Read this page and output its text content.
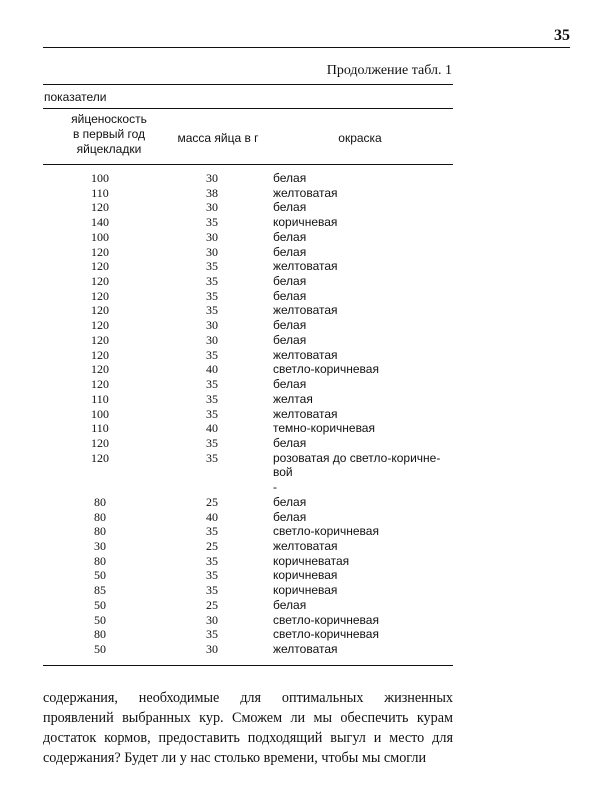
35
Продолжение табл. 1
показатели
яйценоскость
в первый год
яйцекладки
масса яйца в г	окраска
100	30	белая
110	38	желтоватая
120	30	белая
140	35	коричневая
100	30	белая
120	30	белая
120	35	желтоватая
120	35	белая
120	35	белая
120	35	желтоватая
120	30	белая
120	30	белая
120	35	желтоватая
120	40	светло-коричневая
120	35	белая
110	35	желтая
100	35	желтоватая
110	40	темно-коричневая
120	35	белая
120	35	розоватая до светло-коричне-
вой
-
80	25	белая
80	40	белая
80	35	светло-коричневая
30	25	желтоватая
80	35	коричневатая
50	35	коричневая
85	35	коричневая
50	25	белая
50	30	светло-коричневая
80	35	светло-коричневая
50	30	желтоватая
содержания, необходимые для оптимальных жизненных проявлений выбранных кур. Сможем ли мы обеспечить курам достаток кормов, предоставить подходящий выгул и место для содержания? Будет ли у нас столько времени, чтобы мы смогли
